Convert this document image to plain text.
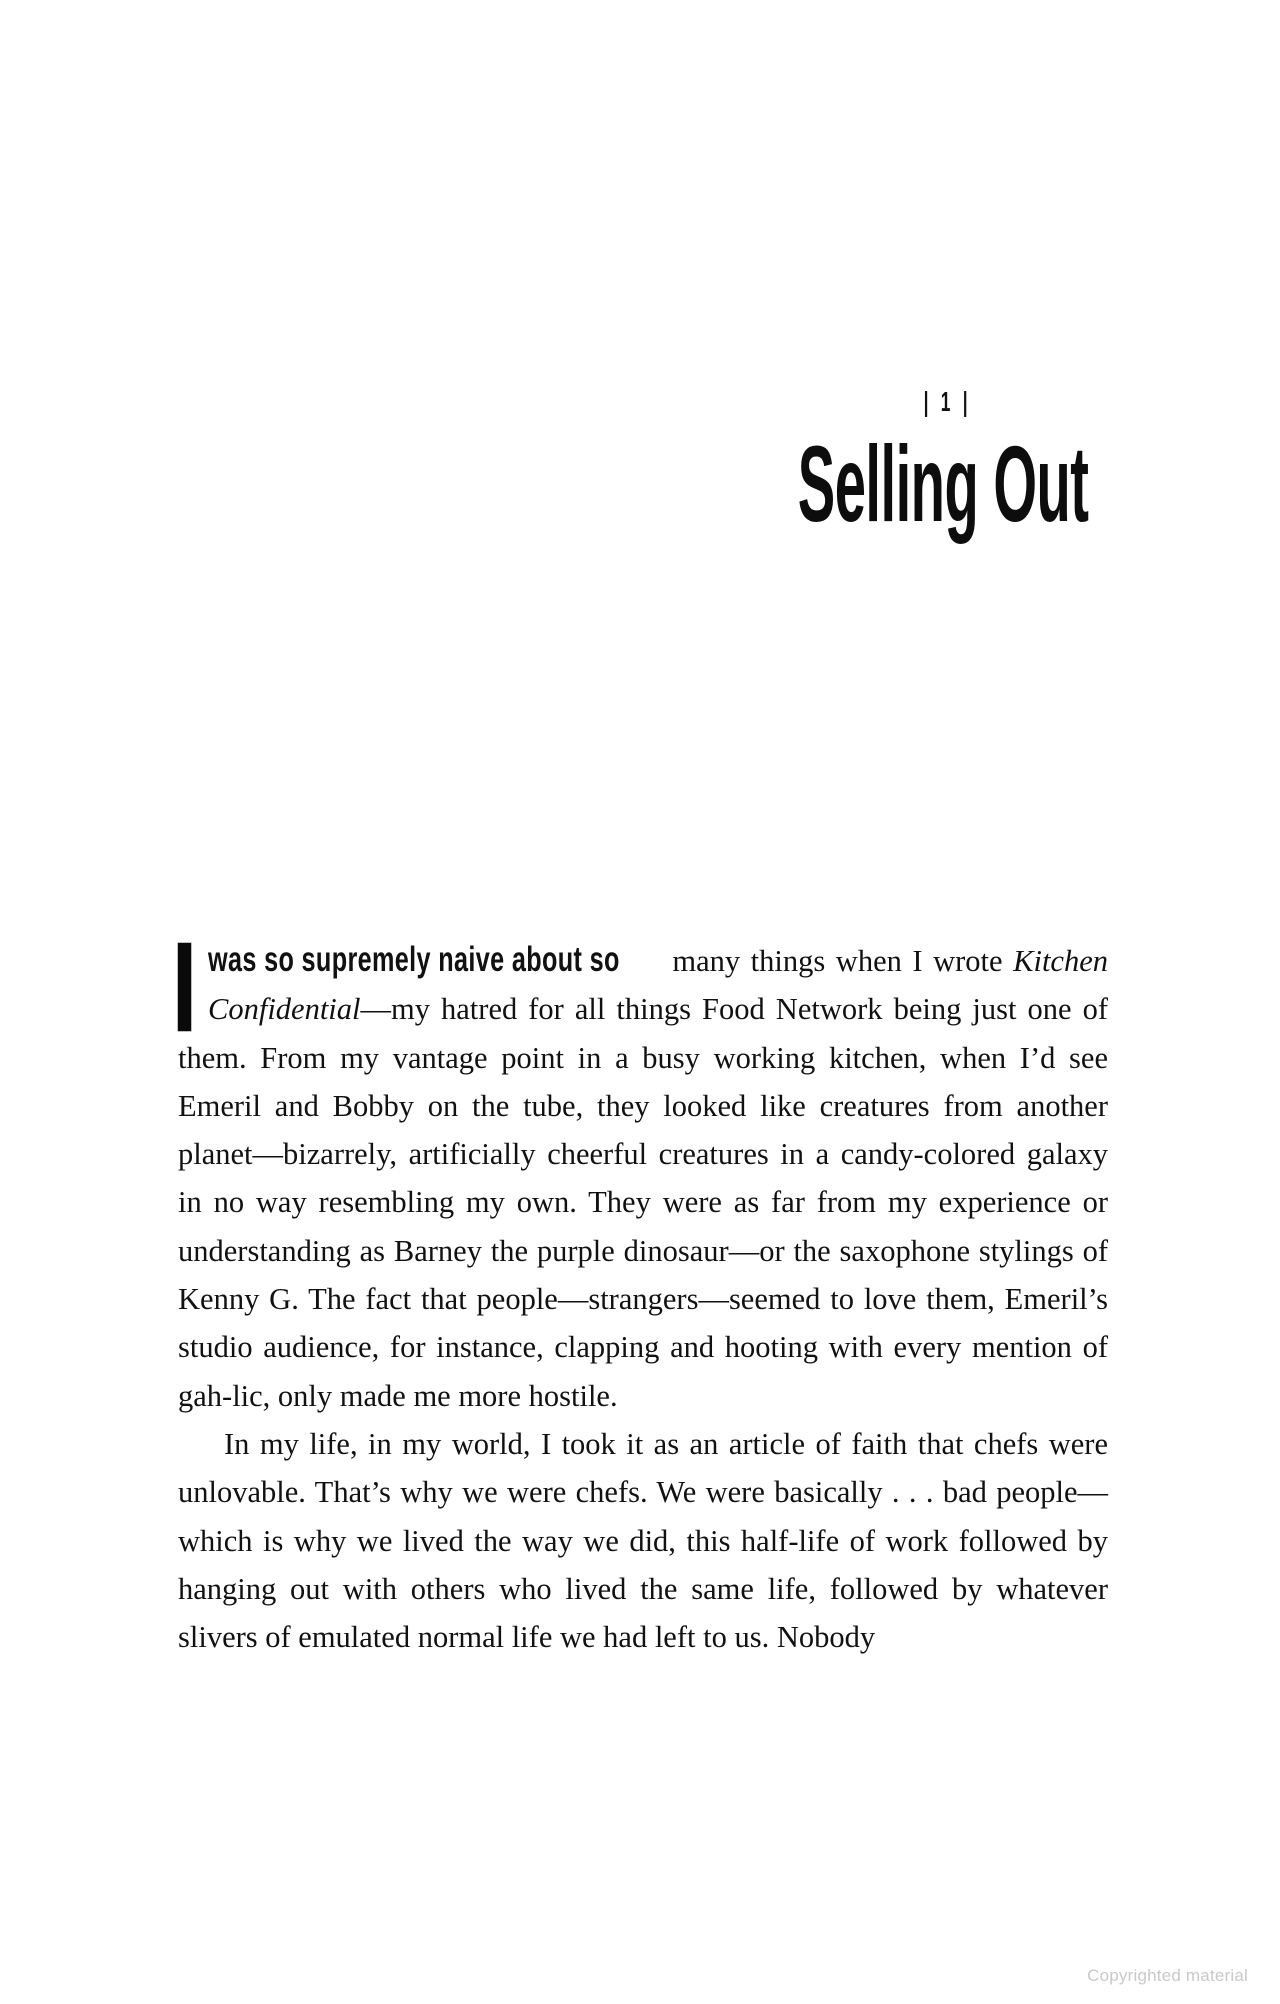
| 1 |
Selling Out

was so supremely naive about so many things when I wrote Kitchen Confidential—my hatred for all things Food Network being just one of them. From my vantage point in a busy working kitchen, when I’d see Emeril and Bobby on the tube, they looked like creatures from another planet—bizarrely, artificially cheerful creatures in a candy-colored galaxy in no way resembling my own. They were as far from my experience or understanding as Barney the purple dinosaur—or the saxophone stylings of Kenny G. The fact that people—strangers—seemed to love them, Emeril’s studio audience, for instance, clapping and hooting with every mention of gah-lic, only made me more hostile.

In my life, in my world, I took it as an article of faith that chefs were unlovable. That’s why we were chefs. We were basically . . . bad people—which is why we lived the way we did, this half-life of work followed by hanging out with others who lived the same life, followed by whatever slivers of emulated normal life we had left to us. Nobody

Copyrighted material
